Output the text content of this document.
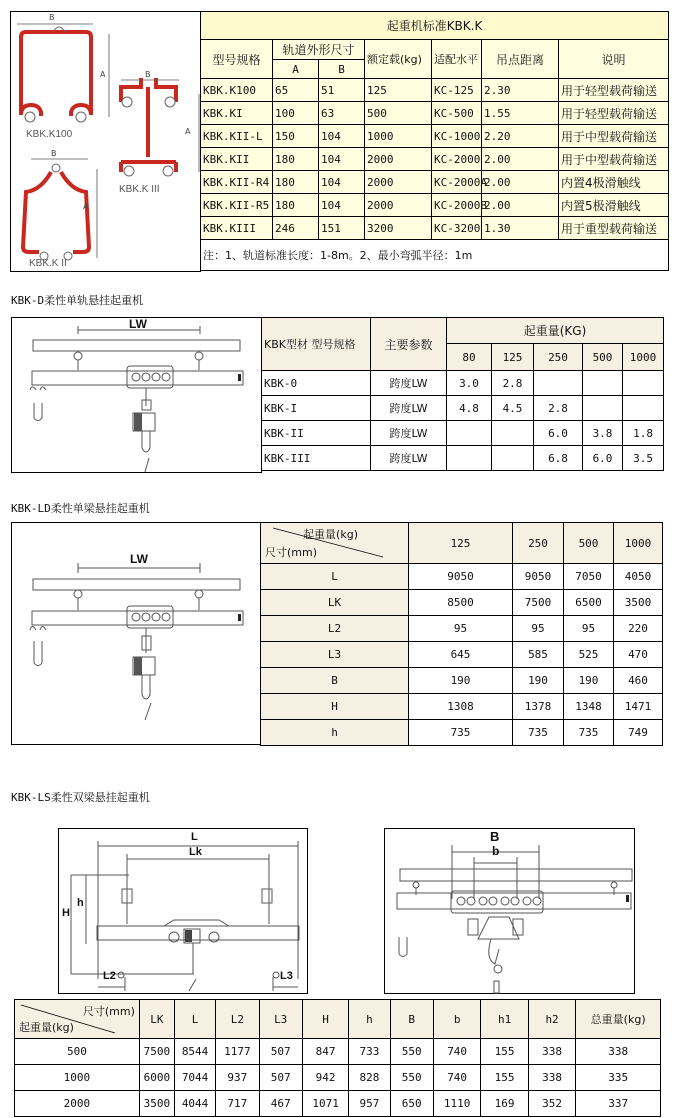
B
A
KBK.K100
B
A
KBK.K III
B
A
KBK.K II
起重机标准KBK.K						
型号规格	轨道外形尺寸		额定载(kg)	适配水平	吊点距离	说明
	A	B				
KBK.K100	65	51	125	KC-125	2.30	用于轻型载荷输送
KBK.KI	100	63	500	KC-500	1.55	用于轻型载荷输送
KBK.KII-L	150	104	1000	KC-1000	2.20	用于中型载荷输送
KBK.KII	180	104	2000	KC-2000	2.00	用于中型载荷输送
KBK.KII-R4	180	104	2000	KC-2000A	2.00	内置4极滑触线
KBK.KII-R5	180	104	2000	KC-2000B	2.00	内置5极滑触线
KBK.KIII	246	151	3200	KC-3200	1.30	用于重型载荷输送
注：1、轨道标准长度：1-8m。2、最小弯弧半径：1m						
KBK-D柔性单轨悬挂起重机
LW
KBK型材 型号规格	主要参数	起重量(KG)				
		80	125	250	500	1000
KBK-0	跨度LW	3.0	2.8			
KBK-I	跨度LW	4.8	4.5	2.8		
KBK-II	跨度LW			6.0	3.8	1.8
KBK-III	跨度LW			6.8	6.0	3.5
KBK-LD柔性单梁悬挂起重机
LW
起重量(kg)
尺寸(mm)	125	250	500	1000
L	9050	9050	7050	4050
LK	8500	7500	6500	3500
L2	95	95	95	220
L3	645	585	525	470
B	190	190	190	460
H	1308	1378	1348	1471
h	735	735	735	749
KBK-LS柔性双梁悬挂起重机
L
Lk
H
h
L2	L3
B
b
尺寸(mm)
起重量(kg)	LK	L	L2	L3	H	h	B	b	h1	h2	总重量(kg)
500	7500	8544	1177	507	847	733	550	740	155	338	338
1000	6000	7044	937	507	942	828	550	740	155	338	335
2000	3500	4044	717	467	1071	957	650	1110	169	352	337
